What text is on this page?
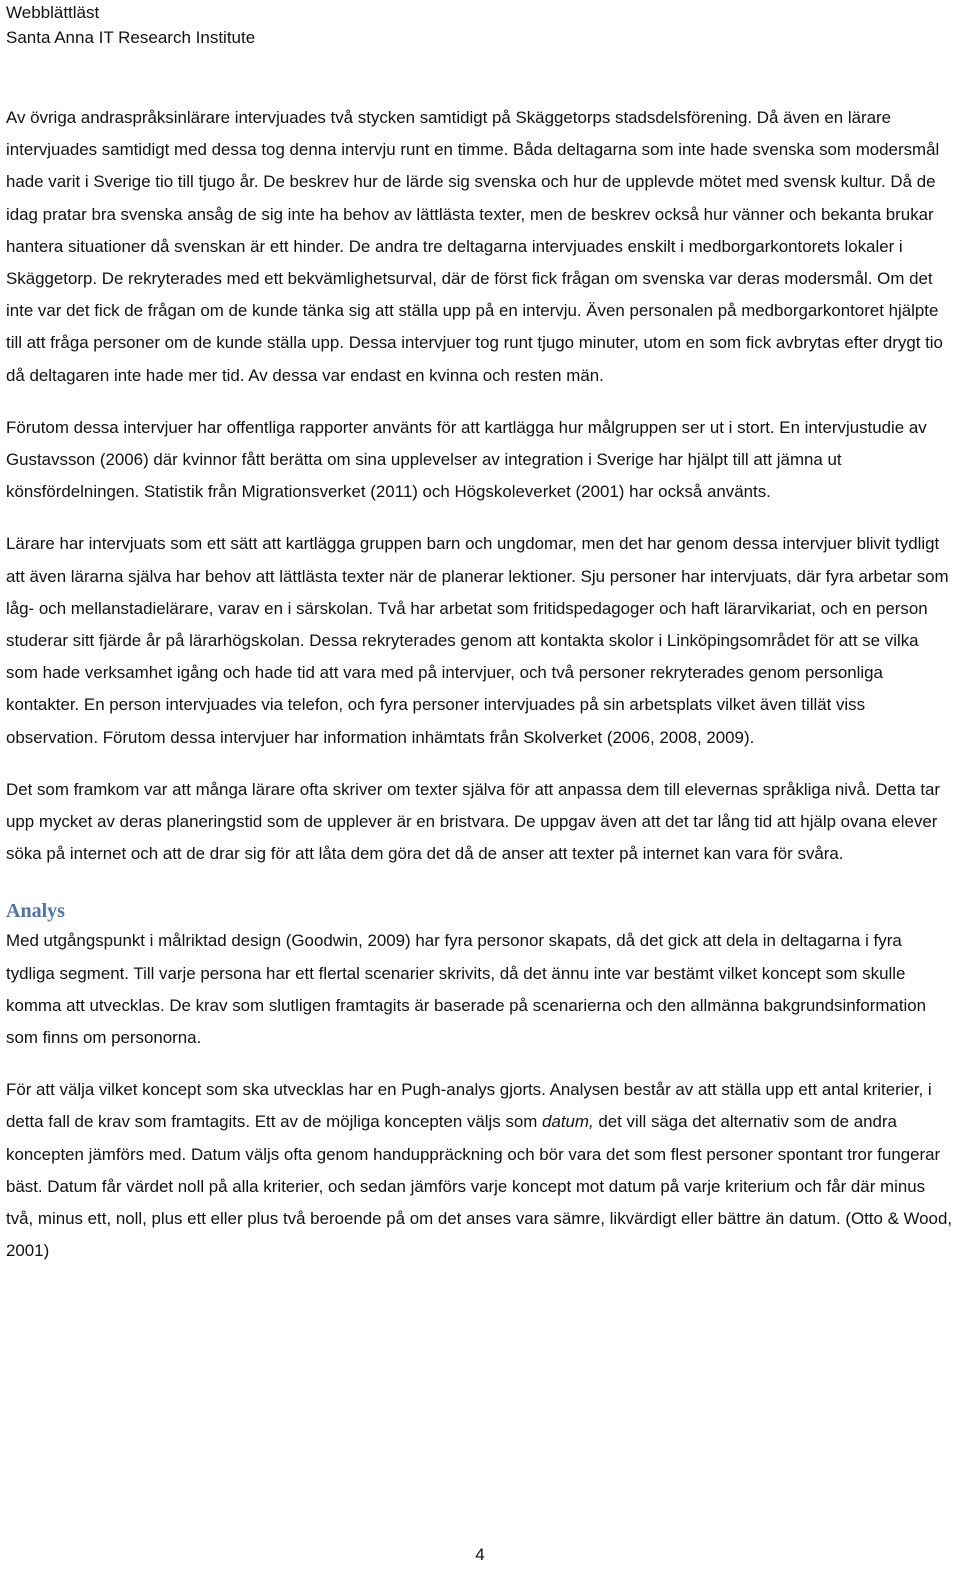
Webblättläst
Santa Anna IT Research Institute

Av övriga andraspråksinlärare intervjuades två stycken samtidigt på Skäggetorps stadsdelsförening. Då även en lärare intervjuades samtidigt med dessa tog denna intervju runt en timme. Båda deltagarna som inte hade svenska som modersmål hade varit i Sverige tio till tjugo år. De beskrev hur de lärde sig svenska och hur de upplevde mötet med svensk kultur. Då de idag pratar bra svenska ansåg de sig inte ha behov av lättlästa texter, men de beskrev också hur vänner och bekanta brukar hantera situationer då svenskan är ett hinder. De andra tre deltagarna intervjuades enskilt i medborgarkontorets lokaler i Skäggetorp. De rekryterades med ett bekvämlighetsurval, där de först fick frågan om svenska var deras modersmål. Om det inte var det fick de frågan om de kunde tänka sig att ställa upp på en intervju. Även personalen på medborgarkontoret hjälpte till att fråga personer om de kunde ställa upp. Dessa intervjuer tog runt tjugo minuter, utom en som fick avbrytas efter drygt tio då deltagaren inte hade mer tid. Av dessa var endast en kvinna och resten män.

Förutom dessa intervjuer har offentliga rapporter använts för att kartlägga hur målgruppen ser ut i stort. En intervjustudie av Gustavsson (2006) där kvinnor fått berätta om sina upplevelser av integration i Sverige har hjälpt till att jämna ut könsfördelningen. Statistik från Migrationsverket (2011) och Högskoleverket (2001) har också använts.

Lärare har intervjuats som ett sätt att kartlägga gruppen barn och ungdomar, men det har genom dessa intervjuer blivit tydligt att även lärarna själva har behov att lättlästa texter när de planerar lektioner. Sju personer har intervjuats, där fyra arbetar som låg- och mellanstadielärare, varav en i särskolan. Två har arbetat som fritidspedagoger och haft lärarvikariat, och en person studerar sitt fjärde år på lärarhögskolan. Dessa rekryterades genom att kontakta skolor i Linköpingsområdet för att se vilka som hade verksamhet igång och hade tid att vara med på intervjuer, och två personer rekryterades genom personliga kontakter. En person intervjuades via telefon, och fyra personer intervjuades på sin arbetsplats vilket även tillät viss observation. Förutom dessa intervjuer har information inhämtats från Skolverket (2006, 2008, 2009).

Det som framkom var att många lärare ofta skriver om texter själva för att anpassa dem till elevernas språkliga nivå. Detta tar upp mycket av deras planeringstid som de upplever är en bristvara. De uppgav även att det tar lång tid att hjälp ovana elever söka på internet och att de drar sig för att låta dem göra det då de anser att texter på internet kan vara för svåra.

Analys

Med utgångspunkt i målriktad design (Goodwin, 2009) har fyra personor skapats, då det gick att dela in deltagarna i fyra tydliga segment. Till varje persona har ett flertal scenarier skrivits, då det ännu inte var bestämt vilket koncept som skulle komma att utvecklas. De krav som slutligen framtagits är baserade på scenarierna och den allmänna bakgrundsinformation som finns om personorna.

För att välja vilket koncept som ska utvecklas har en Pugh-analys gjorts. Analysen består av att ställa upp ett antal kriterier, i detta fall de krav som framtagits. Ett av de möjliga koncepten väljs som datum, det vill säga det alternativ som de andra koncepten jämförs med. Datum väljs ofta genom handuppräckning och bör vara det som flest personer spontant tror fungerar bäst. Datum får värdet noll på alla kriterier, och sedan jämförs varje koncept mot datum på varje kriterium och får där minus två, minus ett, noll, plus ett eller plus två beroende på om det anses vara sämre, likvärdigt eller bättre än datum. (Otto & Wood, 2001)

4
